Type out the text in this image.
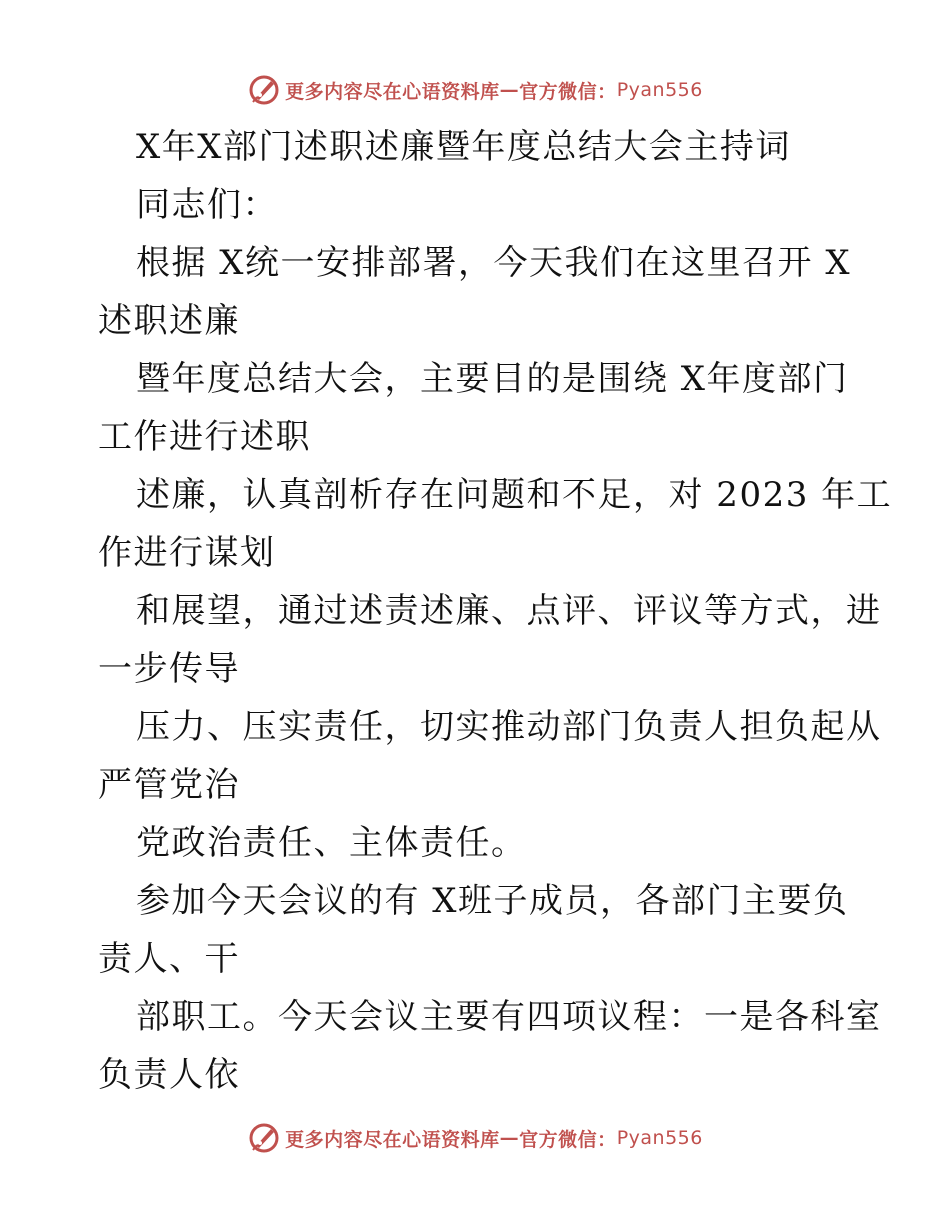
更多内容尽在心语资料库 — 官方微信： Pyan556
X年X部门述职述廉暨年度总结大会主持词
同志们：
根据 X统一安排部署，今天我们在这里召开 X
述职述廉
暨年度总结大会，主要目的是围绕 X年度部门
工作进行述职
述廉，认真剖析存在问题和不足，对 2023 年工
作进行谋划
和展望，通过述责述廉、点评、评议等方式，进
一步传导
压力、压实责任，切实推动部门负责人担负起从
严管党治
党政治责任、主体责任。
参加今天会议的有 X班子成员，各部门主要负
责人、干
部职工。今天会议主要有四项议程：一是各科室
负责人依
更多内容尽在心语资料库 — 官方微信： Pyan556
